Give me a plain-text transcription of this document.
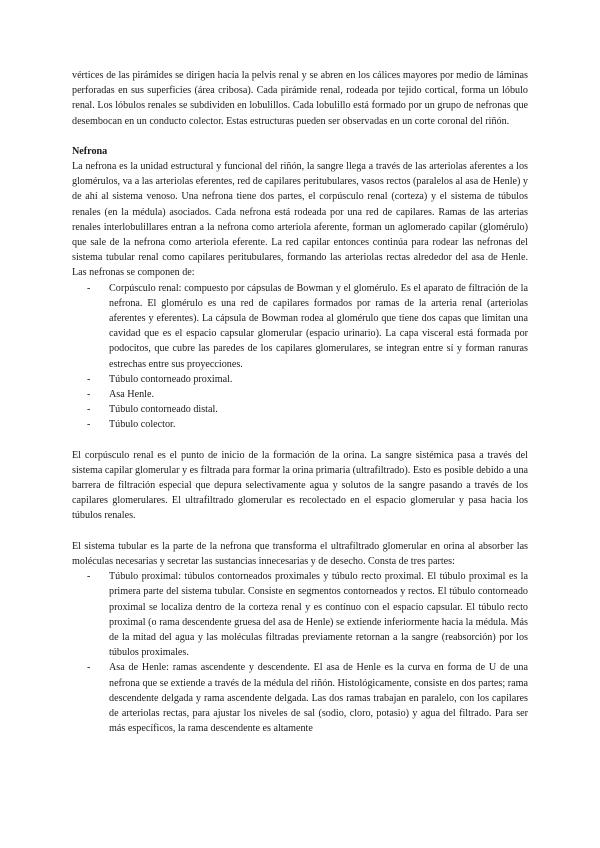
vértices de las pirámides se dirigen hacia la pelvis renal y se abren en los cálices mayores por medio de láminas perforadas en sus superficies (área cribosa). Cada pirámide renal, rodeada por tejido cortical, forma un lóbulo renal. Los lóbulos renales se subdividen en lobulillos. Cada lobulillo está formado por un grupo de nefronas que desembocan en un conducto colector. Estas estructuras pueden ser observadas en un corte coronal del riñón.

Nefrona

La nefrona es la unidad estructural y funcional del riñón, la sangre llega a través de las arteriolas aferentes a los glomérulos, va a las arteriolas eferentes, red de capilares peritubulares, vasos rectos (paralelos al asa de Henle) y de ahí al sistema venoso. Una nefrona tiene dos partes, el corpúsculo renal (corteza) y el sistema de túbulos renales (en la médula) asociados. Cada nefrona está rodeada por una red de capilares. Ramas de las arterias renales interlobulillares entran a la nefrona como arteriola aferente, forman un aglomerado capilar (glomérulo) que sale de la nefrona como arteriola eferente. La red capilar entonces continúa para rodear las nefronas del sistema tubular renal como capilares peritubulares, formando las arteriolas rectas alrededor del asa de Henle. Las nefronas se componen de:

- Corpúsculo renal: compuesto por cápsulas de Bowman y el glomérulo. Es el aparato de filtración de la nefrona. El glomérulo es una red de capilares formados por ramas de la arteria renal (arteriolas aferentes y eferentes). La cápsula de Bowman rodea al glomérulo que tiene dos capas que limitan una cavidad que es el espacio capsular glomerular (espacio urinario). La capa visceral está formada por podocitos, que cubre las paredes de los capilares glomerulares, se integran entre sí y forman ranuras estrechas entre sus proyecciones.
- Túbulo contorneado proximal.
- Asa Henle.
- Túbulo contorneado distal.
- Túbulo colector.

El corpúsculo renal es el punto de inicio de la formación de la orina. La sangre sistémica pasa a través del sistema capilar glomerular y es filtrada para formar la orina primaria (ultrafiltrado). Esto es posible debido a una barrera de filtración especial que depura selectivamente agua y solutos de la sangre pasando a través de los capilares glomerulares. El ultrafiltrado glomerular es recolectado en el espacio glomerular y pasa hacia los túbulos renales.

El sistema tubular es la parte de la nefrona que transforma el ultrafiltrado glomerular en orina al absorber las moléculas necesarias y secretar las sustancias innecesarias y de desecho. Consta de tres partes:

- Túbulo proximal: túbulos contorneados proximales y túbulo recto proximal. El túbulo proximal es la primera parte del sistema tubular. Consiste en segmentos contorneados y rectos. El túbulo contorneado proximal se localiza dentro de la corteza renal y es contínuo con el espacio capsular. El túbulo recto proximal (o rama descendente gruesa del asa de Henle) se extiende inferiormente hacia la médula. Más de la mitad del agua y las moléculas filtradas previamente retornan a la sangre (reabsorción) por los túbulos proximales.
- Asa de Henle: ramas ascendente y descendente. El asa de Henle es la curva en forma de U de una nefrona que se extiende a través de la médula del riñón. Histológicamente, consiste en dos partes; rama descendente delgada y rama ascendente delgada. Las dos ramas trabajan en paralelo, con los capilares de arteriolas rectas, para ajustar los niveles de sal (sodio, cloro, potasio) y agua del filtrado. Para ser más específicos, la rama descendente es altamente
